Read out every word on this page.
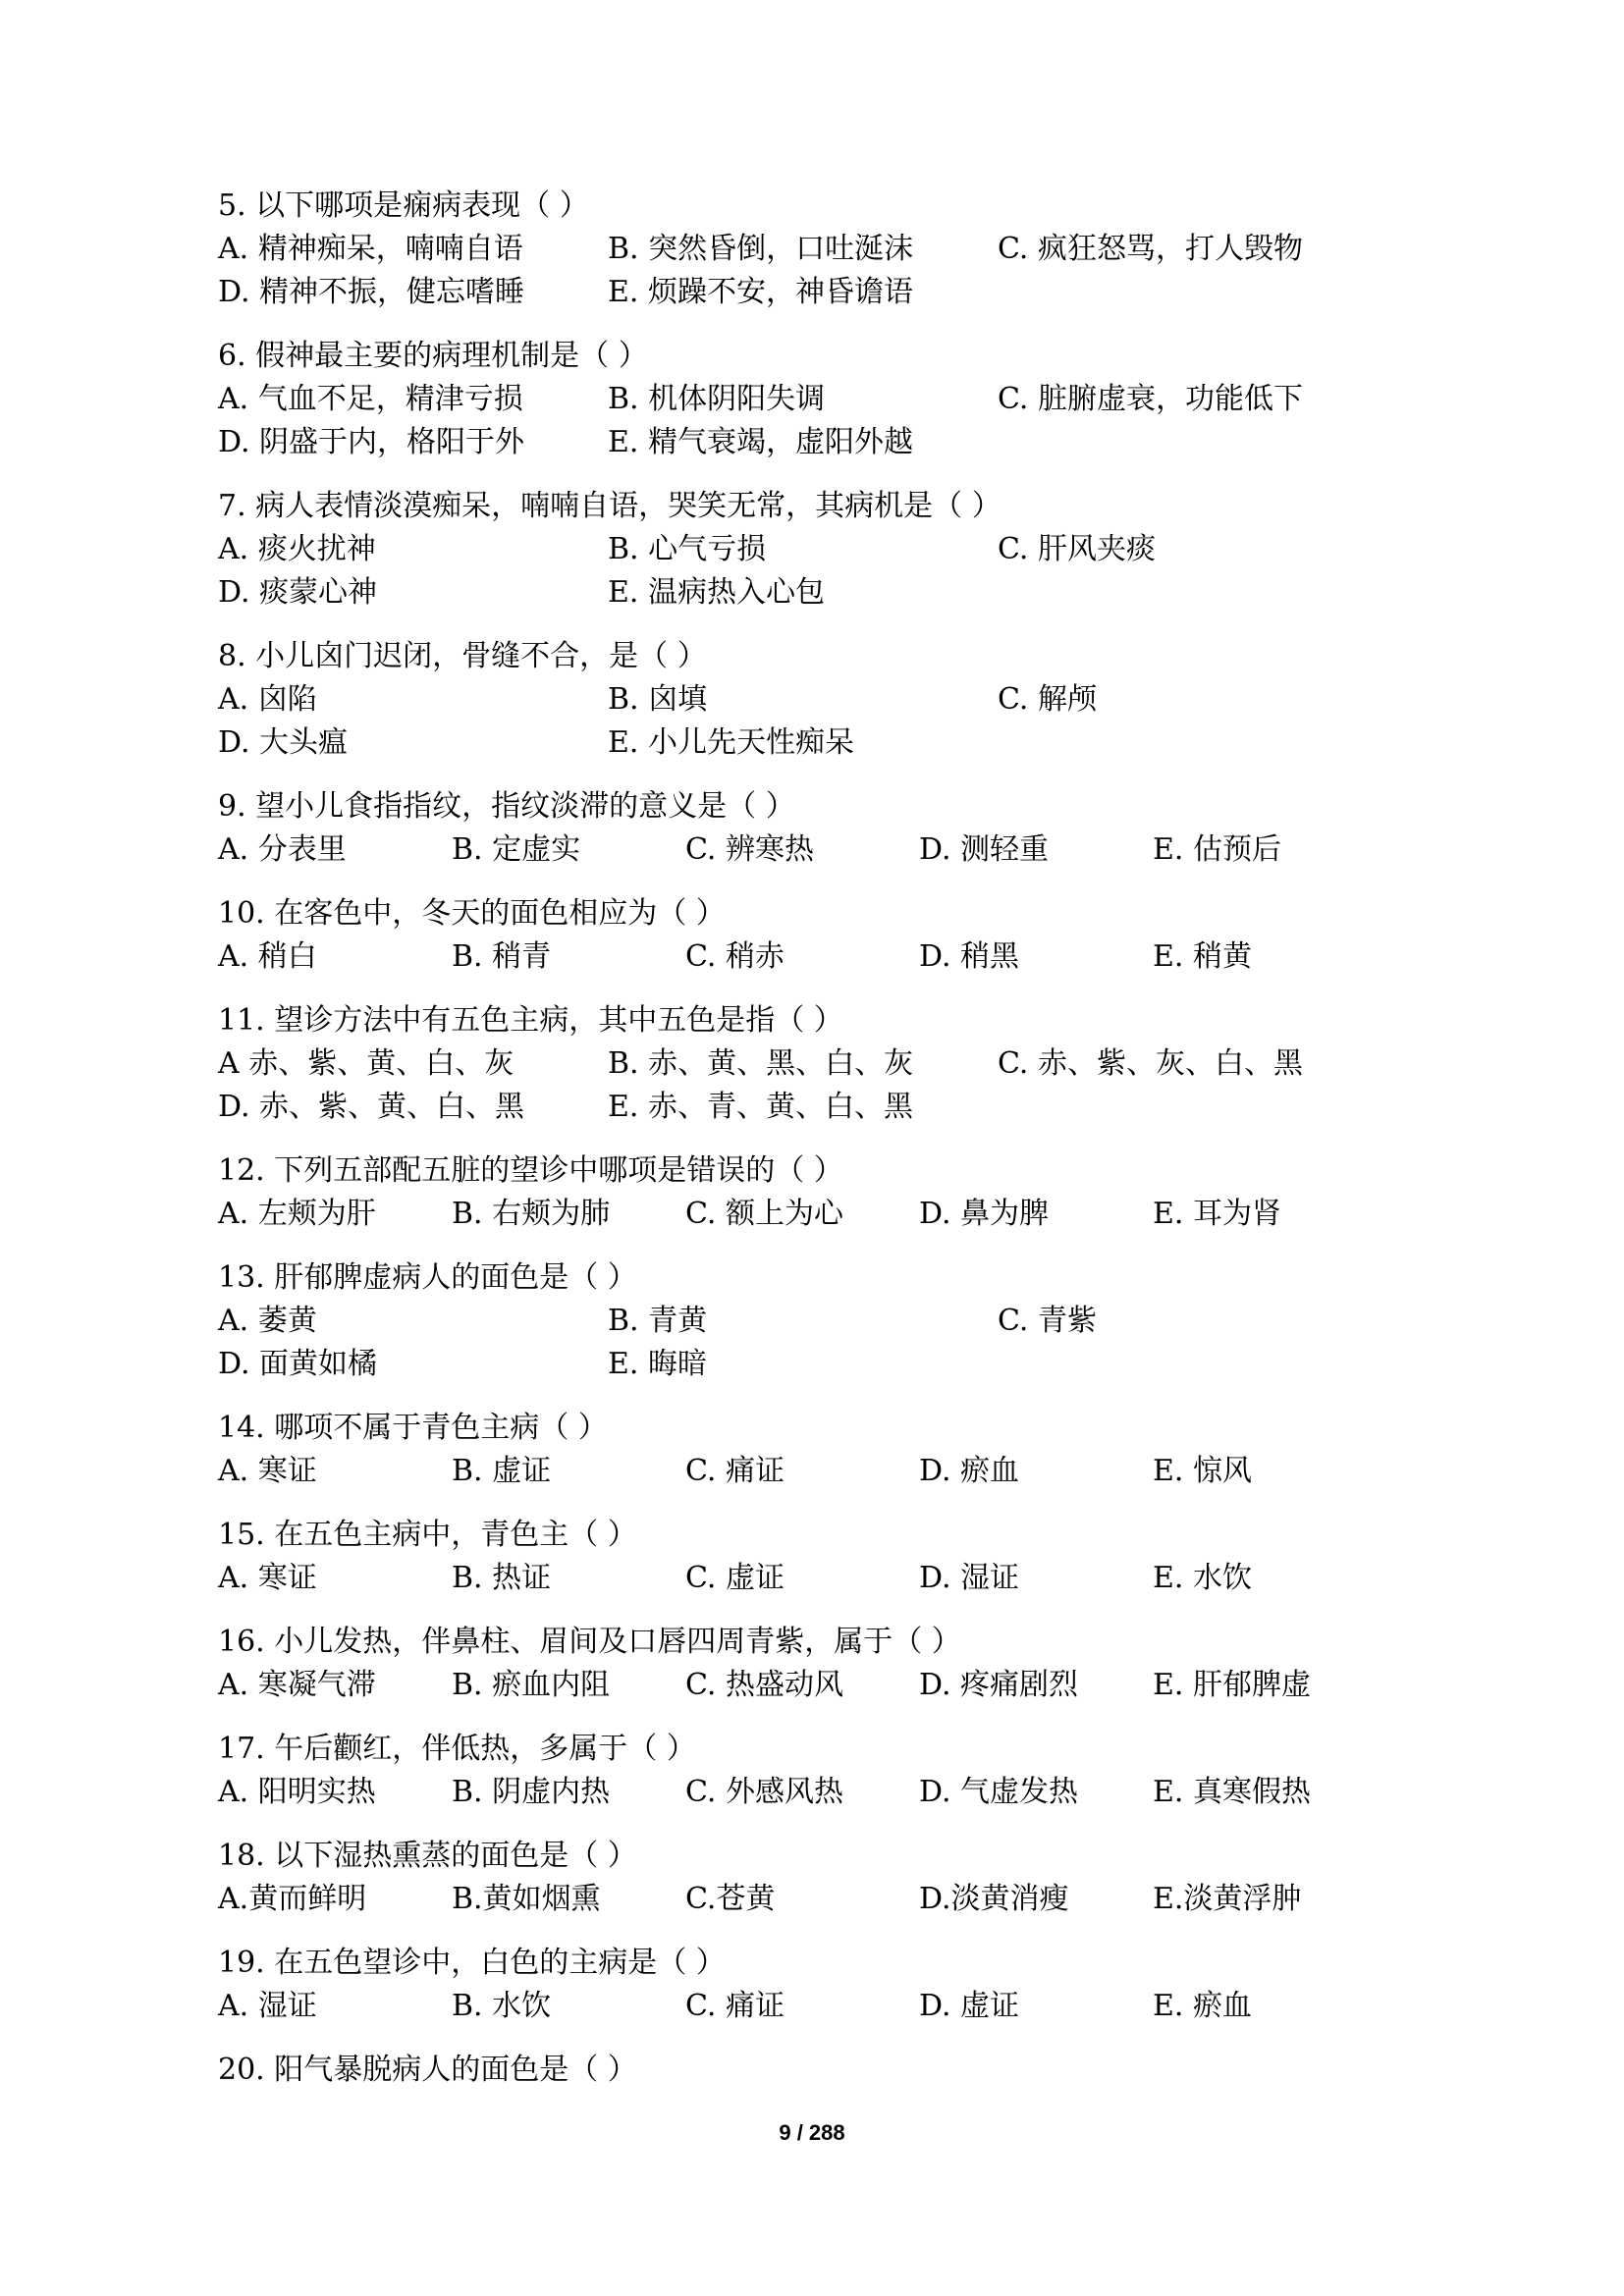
5. 以下哪项是痫病表现（ ）
A. 精神痴呆，喃喃自语	B. 突然昏倒，口吐涎沫	C. 疯狂怒骂，打人毁物
D. 精神不振，健忘嗜睡	E. 烦躁不安，神昏谵语
6. 假神最主要的病理机制是（ ）
A. 气血不足，精津亏损	B. 机体阴阳失调	C. 脏腑虚衰，功能低下
D. 阴盛于内，格阳于外	E. 精气衰竭，虚阳外越
7. 病人表情淡漠痴呆，喃喃自语，哭笑无常，其病机是（ ）
A. 痰火扰神	B. 心气亏损	C. 肝风夹痰
D. 痰蒙心神	E. 温病热入心包
8. 小儿囟门迟闭，骨缝不合，是（ ）
A. 囟陷	B. 囟填	C. 解颅
D. 大头瘟	E. 小儿先天性痴呆
9. 望小儿食指指纹，指纹淡滞的意义是（ ）
A. 分表里	B. 定虚实	C. 辨寒热	D. 测轻重	E. 估预后
10. 在客色中，冬天的面色相应为（ ）
A. 稍白	B. 稍青	C. 稍赤	D. 稍黑	E. 稍黄
11. 望诊方法中有五色主病，其中五色是指（ ）
A 赤、紫、黄、白、灰	B. 赤、黄、黑、白、灰	C. 赤、紫、灰、白、黑
D. 赤、紫、黄、白、黑	E. 赤、青、黄、白、黑
12. 下列五部配五脏的望诊中哪项是错误的（ ）
A. 左颊为肝	B. 右颊为肺	C. 额上为心	D. 鼻为脾	E. 耳为肾
13. 肝郁脾虚病人的面色是（ ）
A. 萎黄	B. 青黄	C. 青紫
D. 面黄如橘	E. 晦暗
14. 哪项不属于青色主病（ ）
A. 寒证	B. 虚证	C. 痛证	D. 瘀血	E. 惊风
15. 在五色主病中，青色主（ ）
A. 寒证	B. 热证	C. 虚证	D. 湿证	E. 水饮
16. 小儿发热，伴鼻柱、眉间及口唇四周青紫，属于（ ）
A. 寒凝气滞	B. 瘀血内阻	C. 热盛动风	D. 疼痛剧烈	E. 肝郁脾虚
17. 午后颧红，伴低热，多属于（ ）
A. 阳明实热	B. 阴虚内热	C. 外感风热	D. 气虚发热	E. 真寒假热
18. 以下湿热熏蒸的面色是（ ）
A.黄而鲜明	B.黄如烟熏	C.苍黄	D.淡黄消瘦	E.淡黄浮肿
19. 在五色望诊中，白色的主病是（ ）
A. 湿证	B. 水饮	C. 痛证	D. 虚证	E. 瘀血
20. 阳气暴脱病人的面色是（ ）
9 / 288
